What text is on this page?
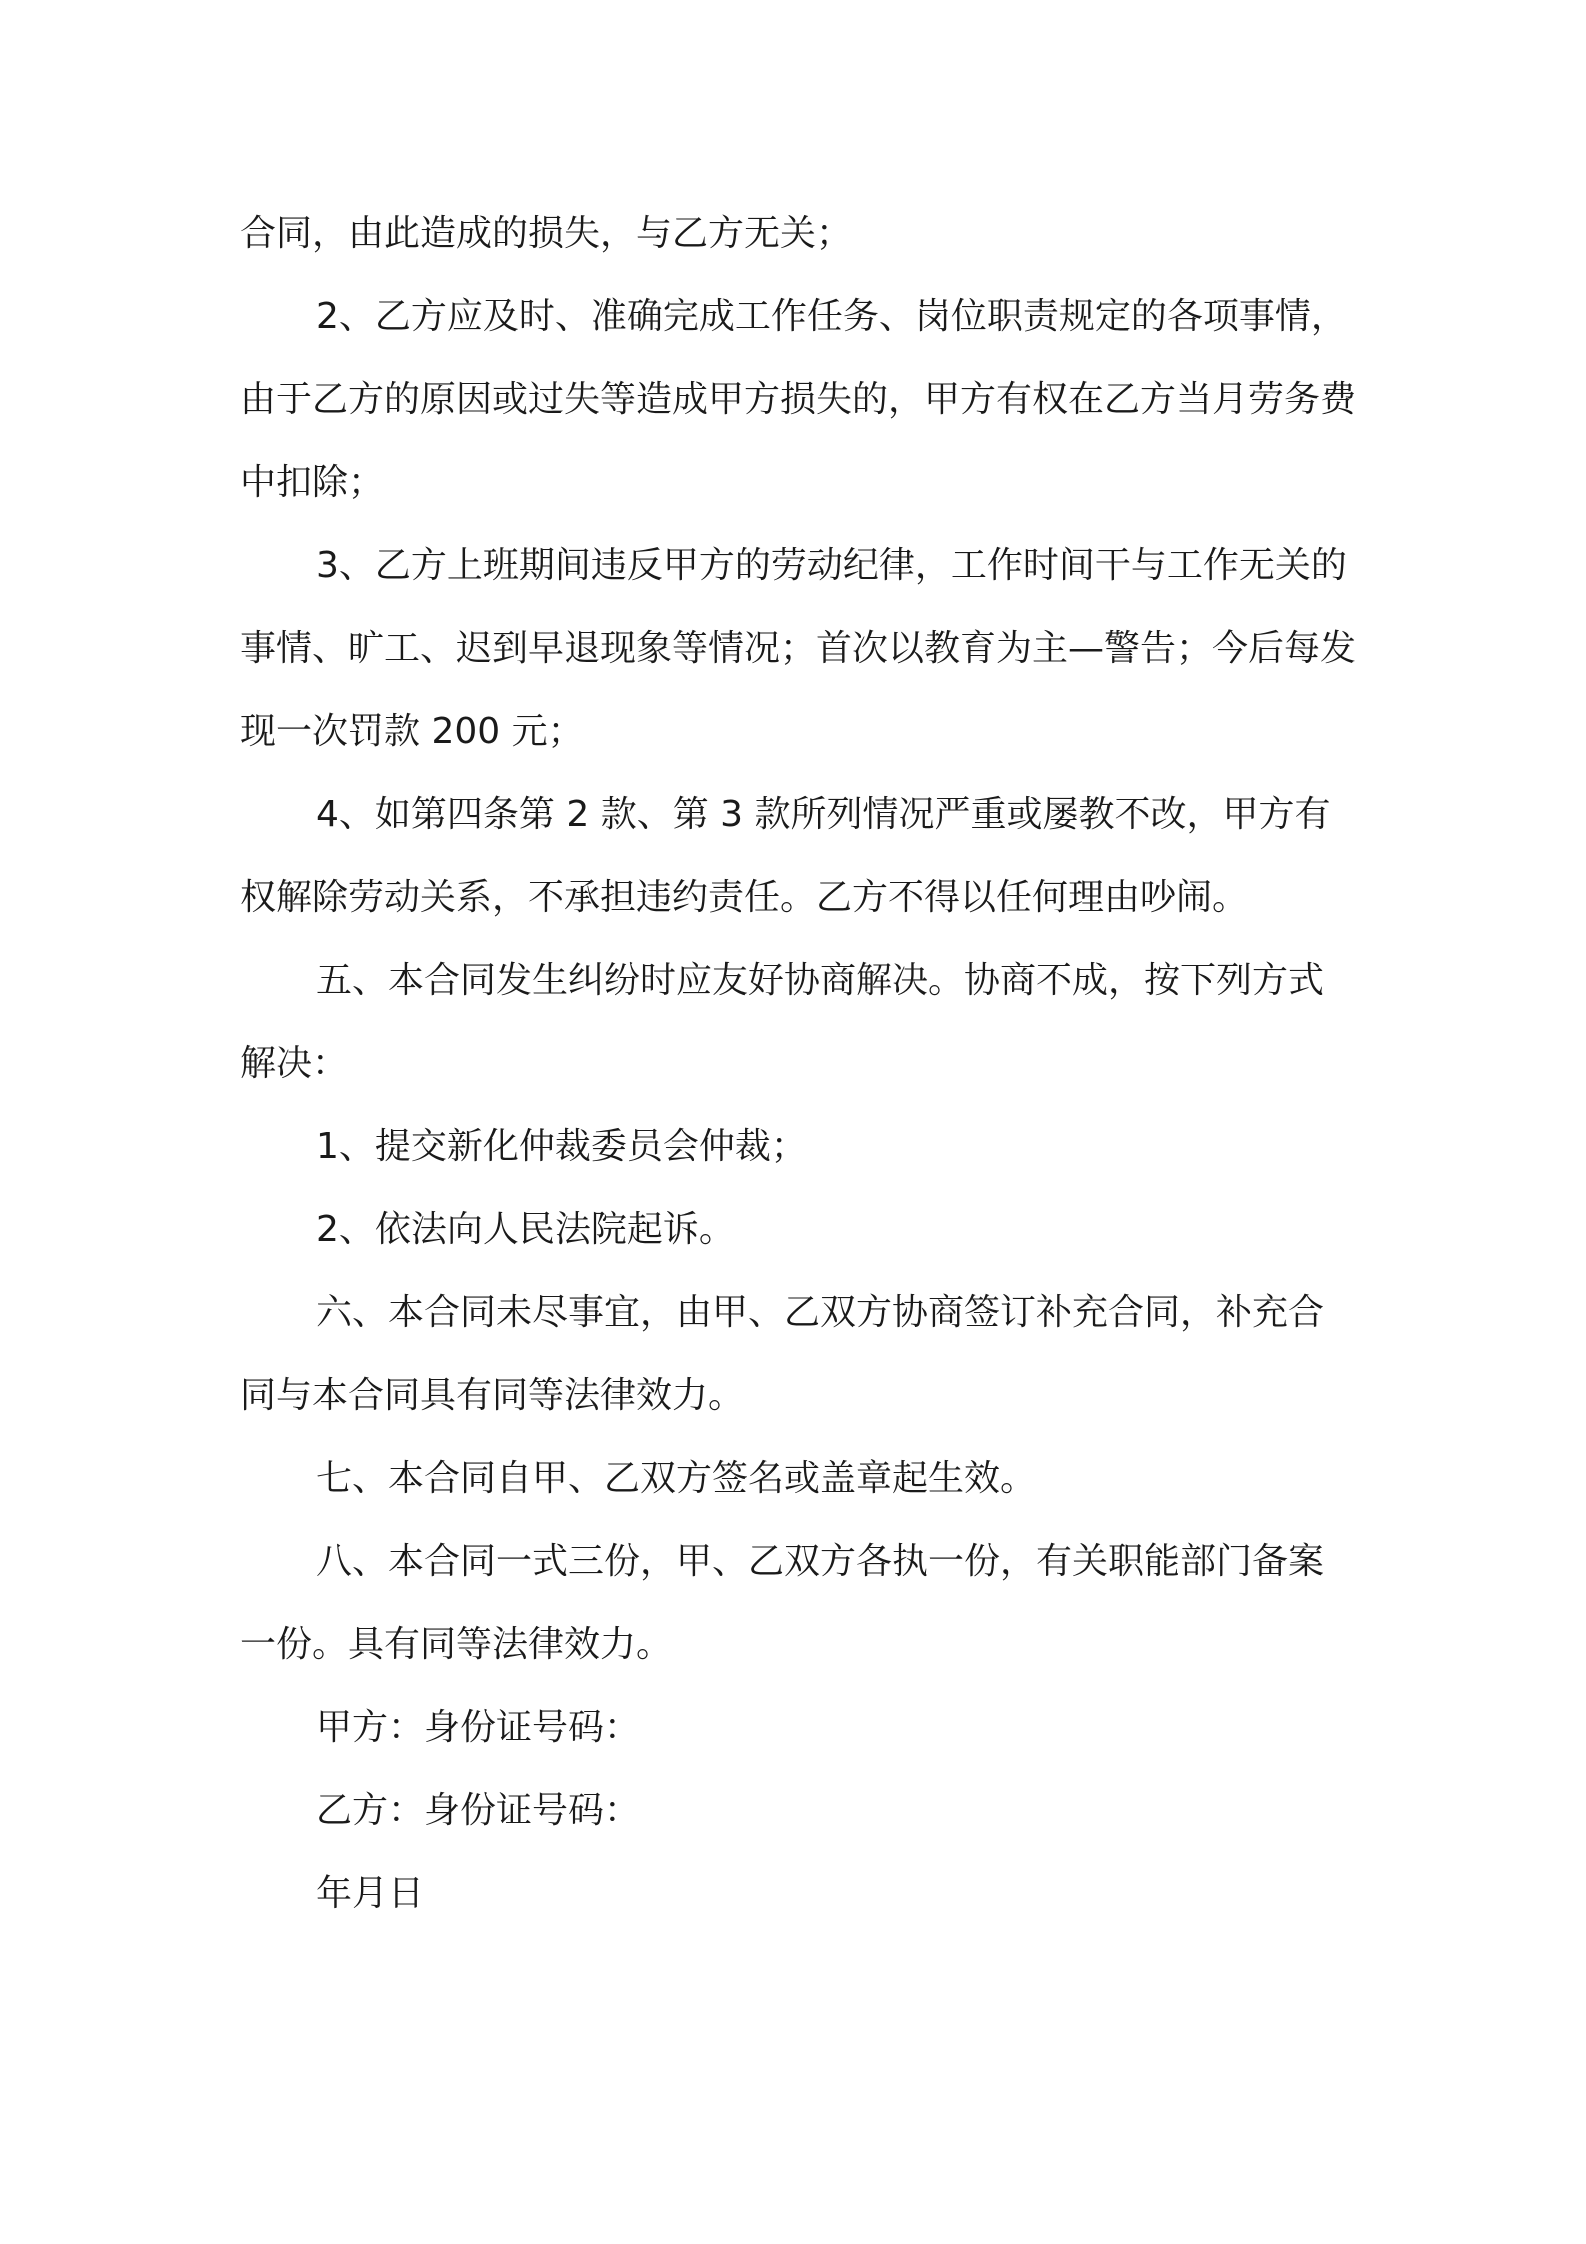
合同，由此造成的损失，与乙方无关；

2、乙方应及时、准确完成工作任务、岗位职责规定的各项事情，由于乙方的原因或过失等造成甲方损失的，甲方有权在乙方当月劳务费中扣除；

3、乙方上班期间违反甲方的劳动纪律，工作时间干与工作无关的事情、旷工、迟到早退现象等情况；首次以教育为主—警告；今后每发现一次罚款 200 元；

4、如第四条第 2 款、第 3 款所列情况严重或屡教不改，甲方有权解除劳动关系，不承担违约责任。乙方不得以任何理由吵闹。

五、本合同发生纠纷时应友好协商解决。协商不成，按下列方式解决：

1、提交新化仲裁委员会仲裁；

2、依法向人民法院起诉。

六、本合同未尽事宜，由甲、乙双方协商签订补充合同，补充合同与本合同具有同等法律效力。

七、本合同自甲、乙双方签名或盖章起生效。

八、本合同一式三份，甲、乙双方各执一份，有关职能部门备案一份。具有同等法律效力。

甲方：身份证号码：

乙方：身份证号码：

年月日
